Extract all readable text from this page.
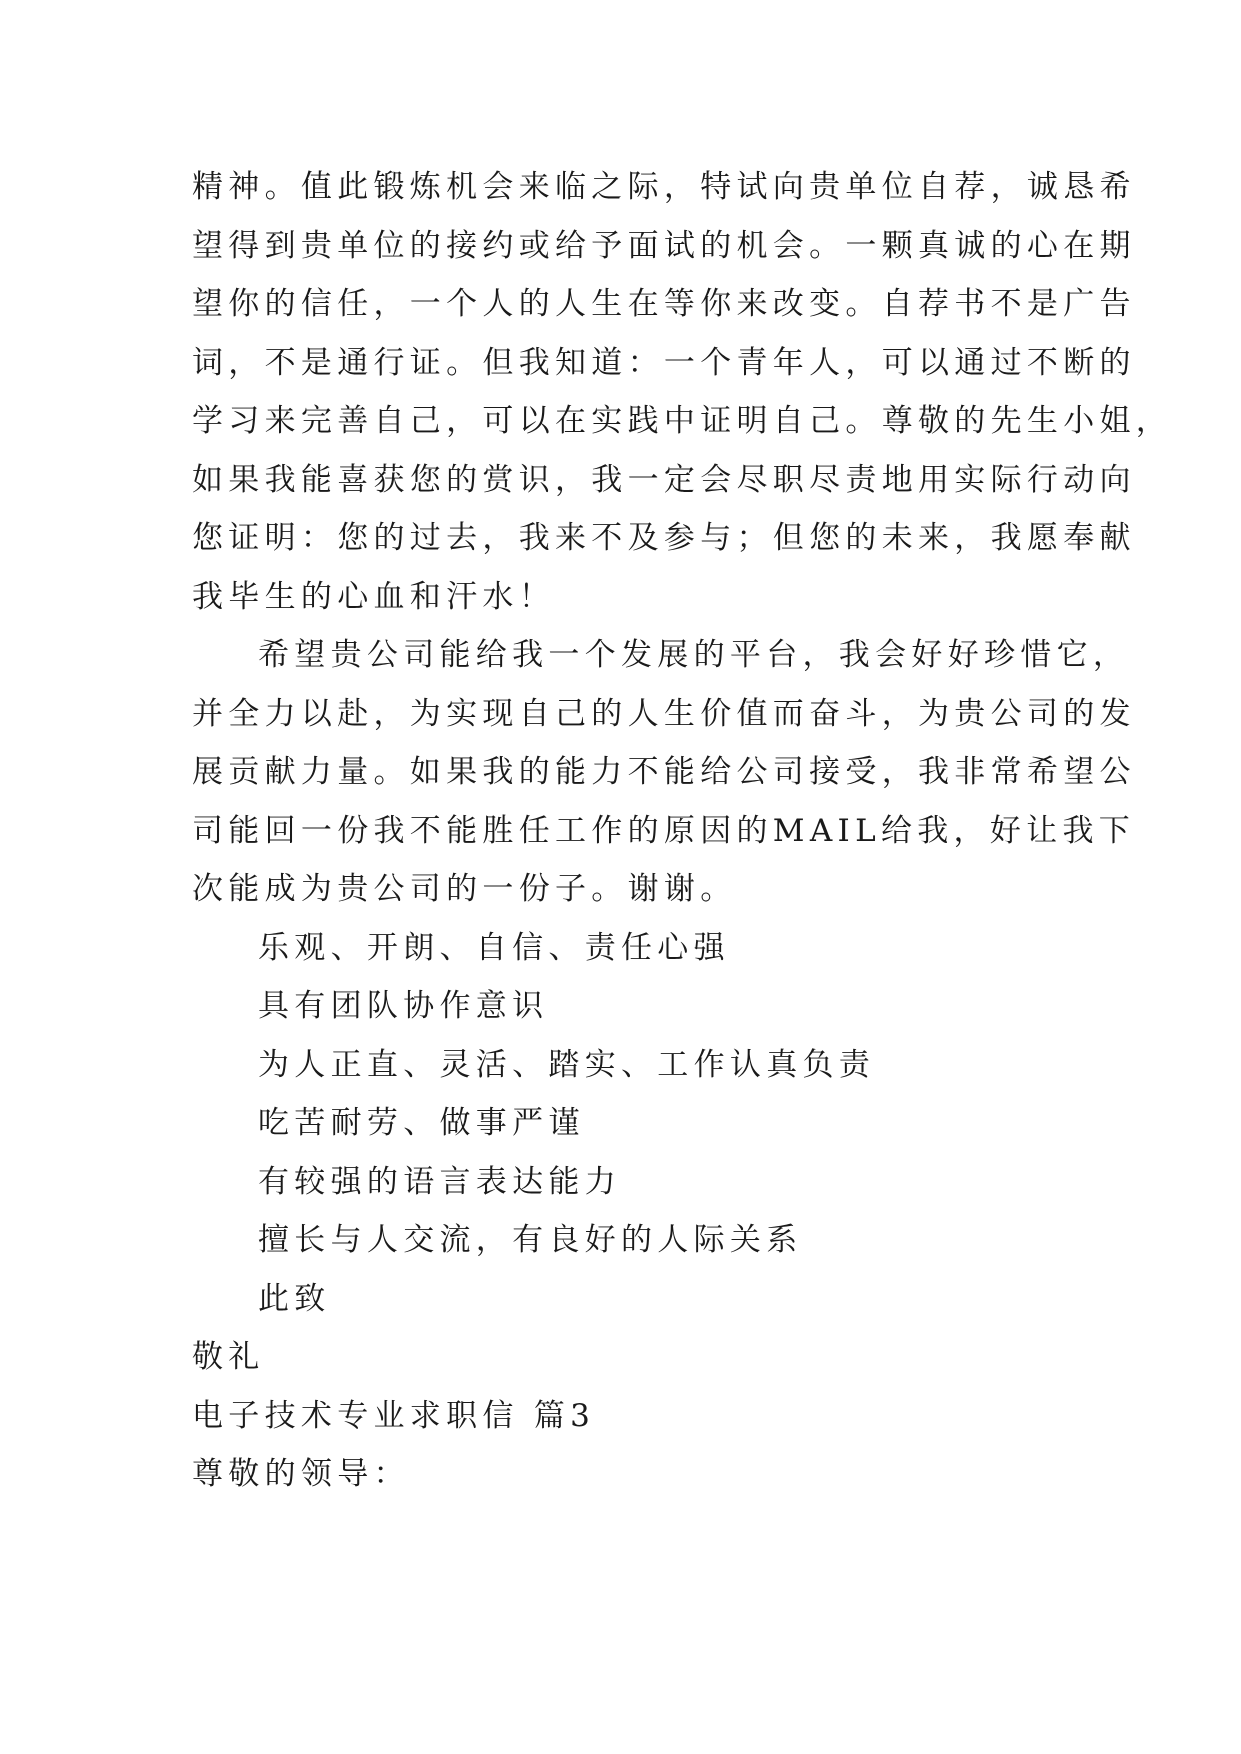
精神。值此锻炼机会来临之际，特试向贵单位自荐，诚恳希
望得到贵单位的接约或给予面试的机会。一颗真诚的心在期
望你的信任，一个人的人生在等你来改变。自荐书不是广告
词，不是通行证。但我知道：一个青年人，可以通过不断的
学习来完善自己，可以在实践中证明自己。尊敬的先生小姐，
如果我能喜获您的赏识，我一定会尽职尽责地用实际行动向
您证明：您的过去，我来不及参与；但您的未来，我愿奉献
我毕生的心血和汗水！
希望贵公司能给我一个发展的平台，我会好好珍惜它，
并全力以赴，为实现自己的人生价值而奋斗，为贵公司的发
展贡献力量。如果我的能力不能给公司接受，我非常希望公
司能回一份我不能胜任工作的原因的MAIL给我，好让我下
次能成为贵公司的一份子。谢谢。
乐观、开朗、自信、责任心强
具有团队协作意识
为人正直、灵活、踏实、工作认真负责
吃苦耐劳、做事严谨
有较强的语言表达能力
擅长与人交流，有良好的人际关系
此致
敬礼
电子技术专业求职信 篇3
尊敬的领导：
